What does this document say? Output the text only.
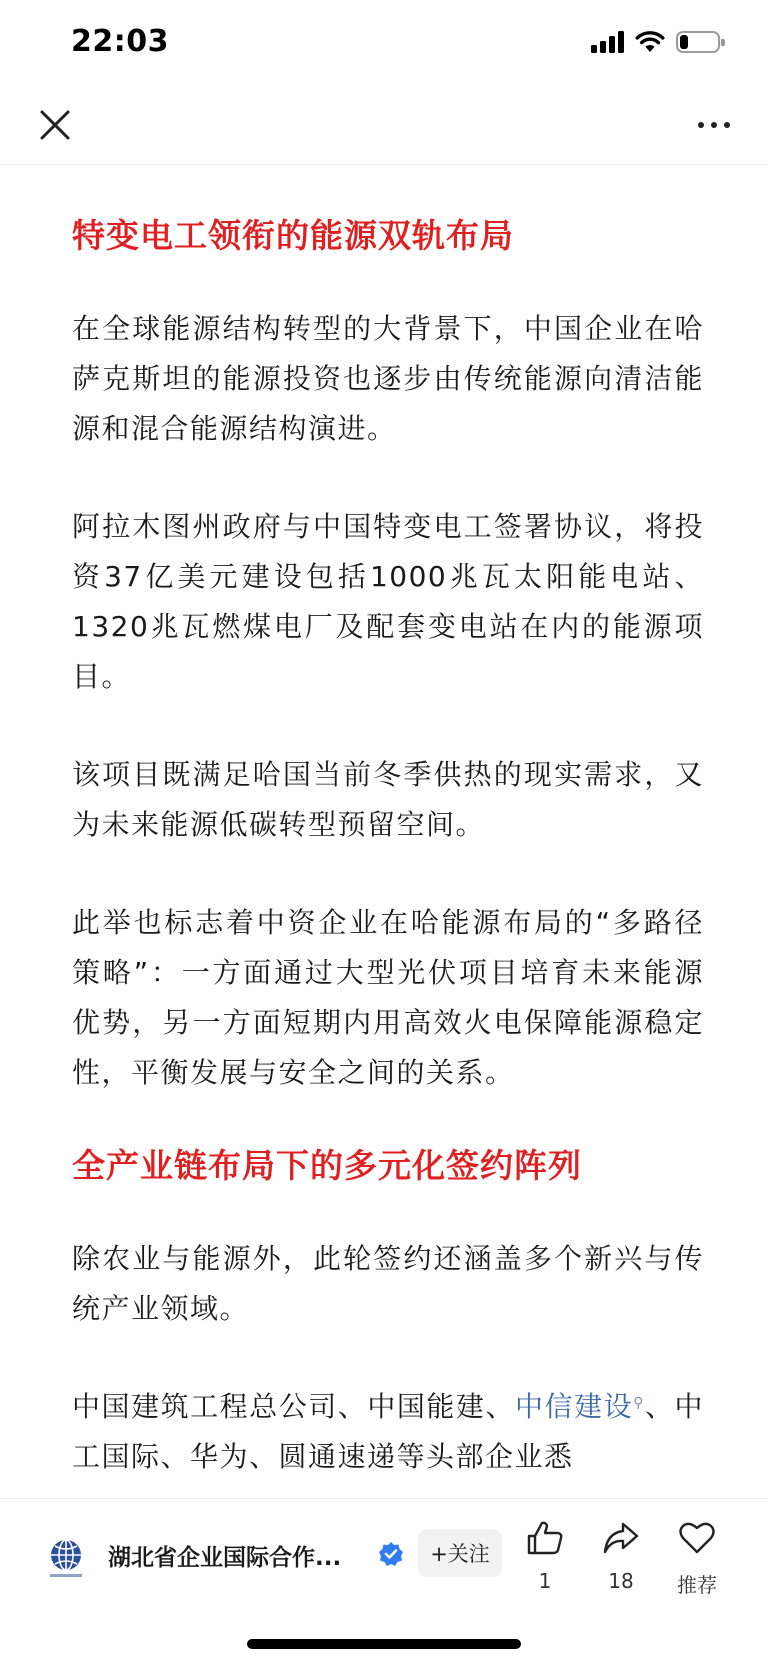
22:03
特变电工领衔的能源双轨布局

在全球能源结构转型的大背景下，中国企业在哈萨克斯坦的能源投资也逐步由传统能源向清洁能源和混合能源结构演进。

阿拉木图州政府与中国特变电工签署协议，将投资37亿美元建设包括1000兆瓦太阳能电站、1320兆瓦燃煤电厂及配套变电站在内的能源项目。

该项目既满足哈国当前冬季供热的现实需求，又为未来能源低碳转型预留空间。

此举也标志着中资企业在哈能源布局的“多路径策略”：一方面通过大型光伏项目培育未来能源优势，另一方面短期内用高效火电保障能源稳定性，平衡发展与安全之间的关系。

全产业链布局下的多元化签约阵列

除农业与能源外，此轮签约还涵盖多个新兴与传统产业领域。

中国建筑工程总公司、中国能建、中信建设⚲、中工国际、华为、圆通速递等头部企业悉

湖北省企业国际合作...	+关注
1	18 推荐
